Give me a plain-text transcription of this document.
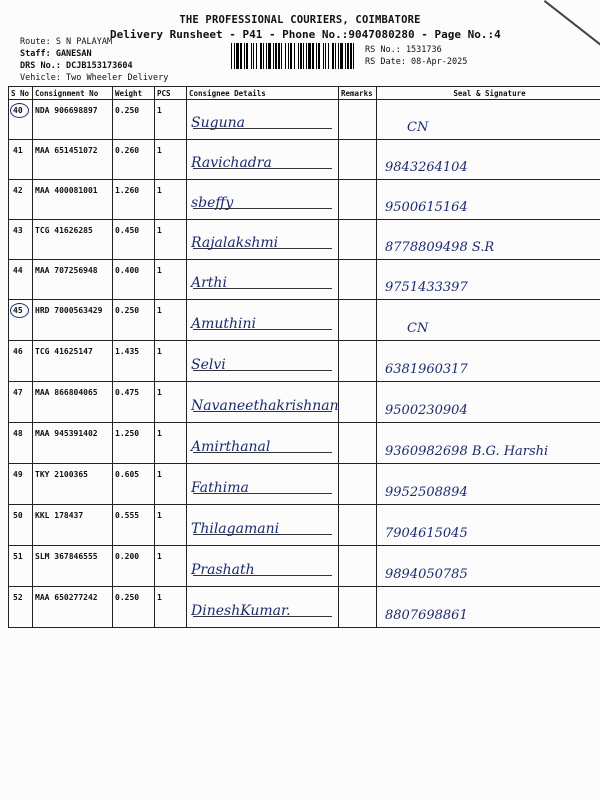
THE PROFESSIONAL COURIERS, COIMBATORE
Delivery Runsheet - P41 - Phone No.:9047080280 - Page No.:4
Route: S N PALAYAM
Staff: GANESAN
DRS No.: DCJB153173604
Vehicle: Two Wheeler Delivery
RS No.: 1531736
RS Date: 08-Apr-2025
S No	Consignment No	Weight	PCS	Consignee Details	Remarks	Seal & Signature

40	NDA 906698897	0.250	1	Suguna		CN

41	MAA 651451072	0.260	1	Ravichadra		9843264104

42	MAA 400081001	1.260	1	sbeffy		9500615164

43	TCG 41626285	0.450	1	Rajalakshmi		8778809498 S.R

44	MAA 707256948	0.400	1	Arthi		9751433397

45	HRD 7000563429	0.250	1	Amuthini		CN

46	TCG 41625147	1.435	1	Selvi		6381960317

47	MAA 866804065	0.475	1	Navaneethakrishnan		9500230904

48	MAA 945391402	1.250	1	Amirthanal		9360982698 B.G. Harshi

49	TKY 2100365	0.605	1	Fathima		9952508894

50	KKL 178437	0.555	1	Thilagamani		7904615045

51	SLM 367846555	0.200	1	Prashath		9894050785

52	MAA 650277242	0.250	1	DineshKumar.		8807698861
